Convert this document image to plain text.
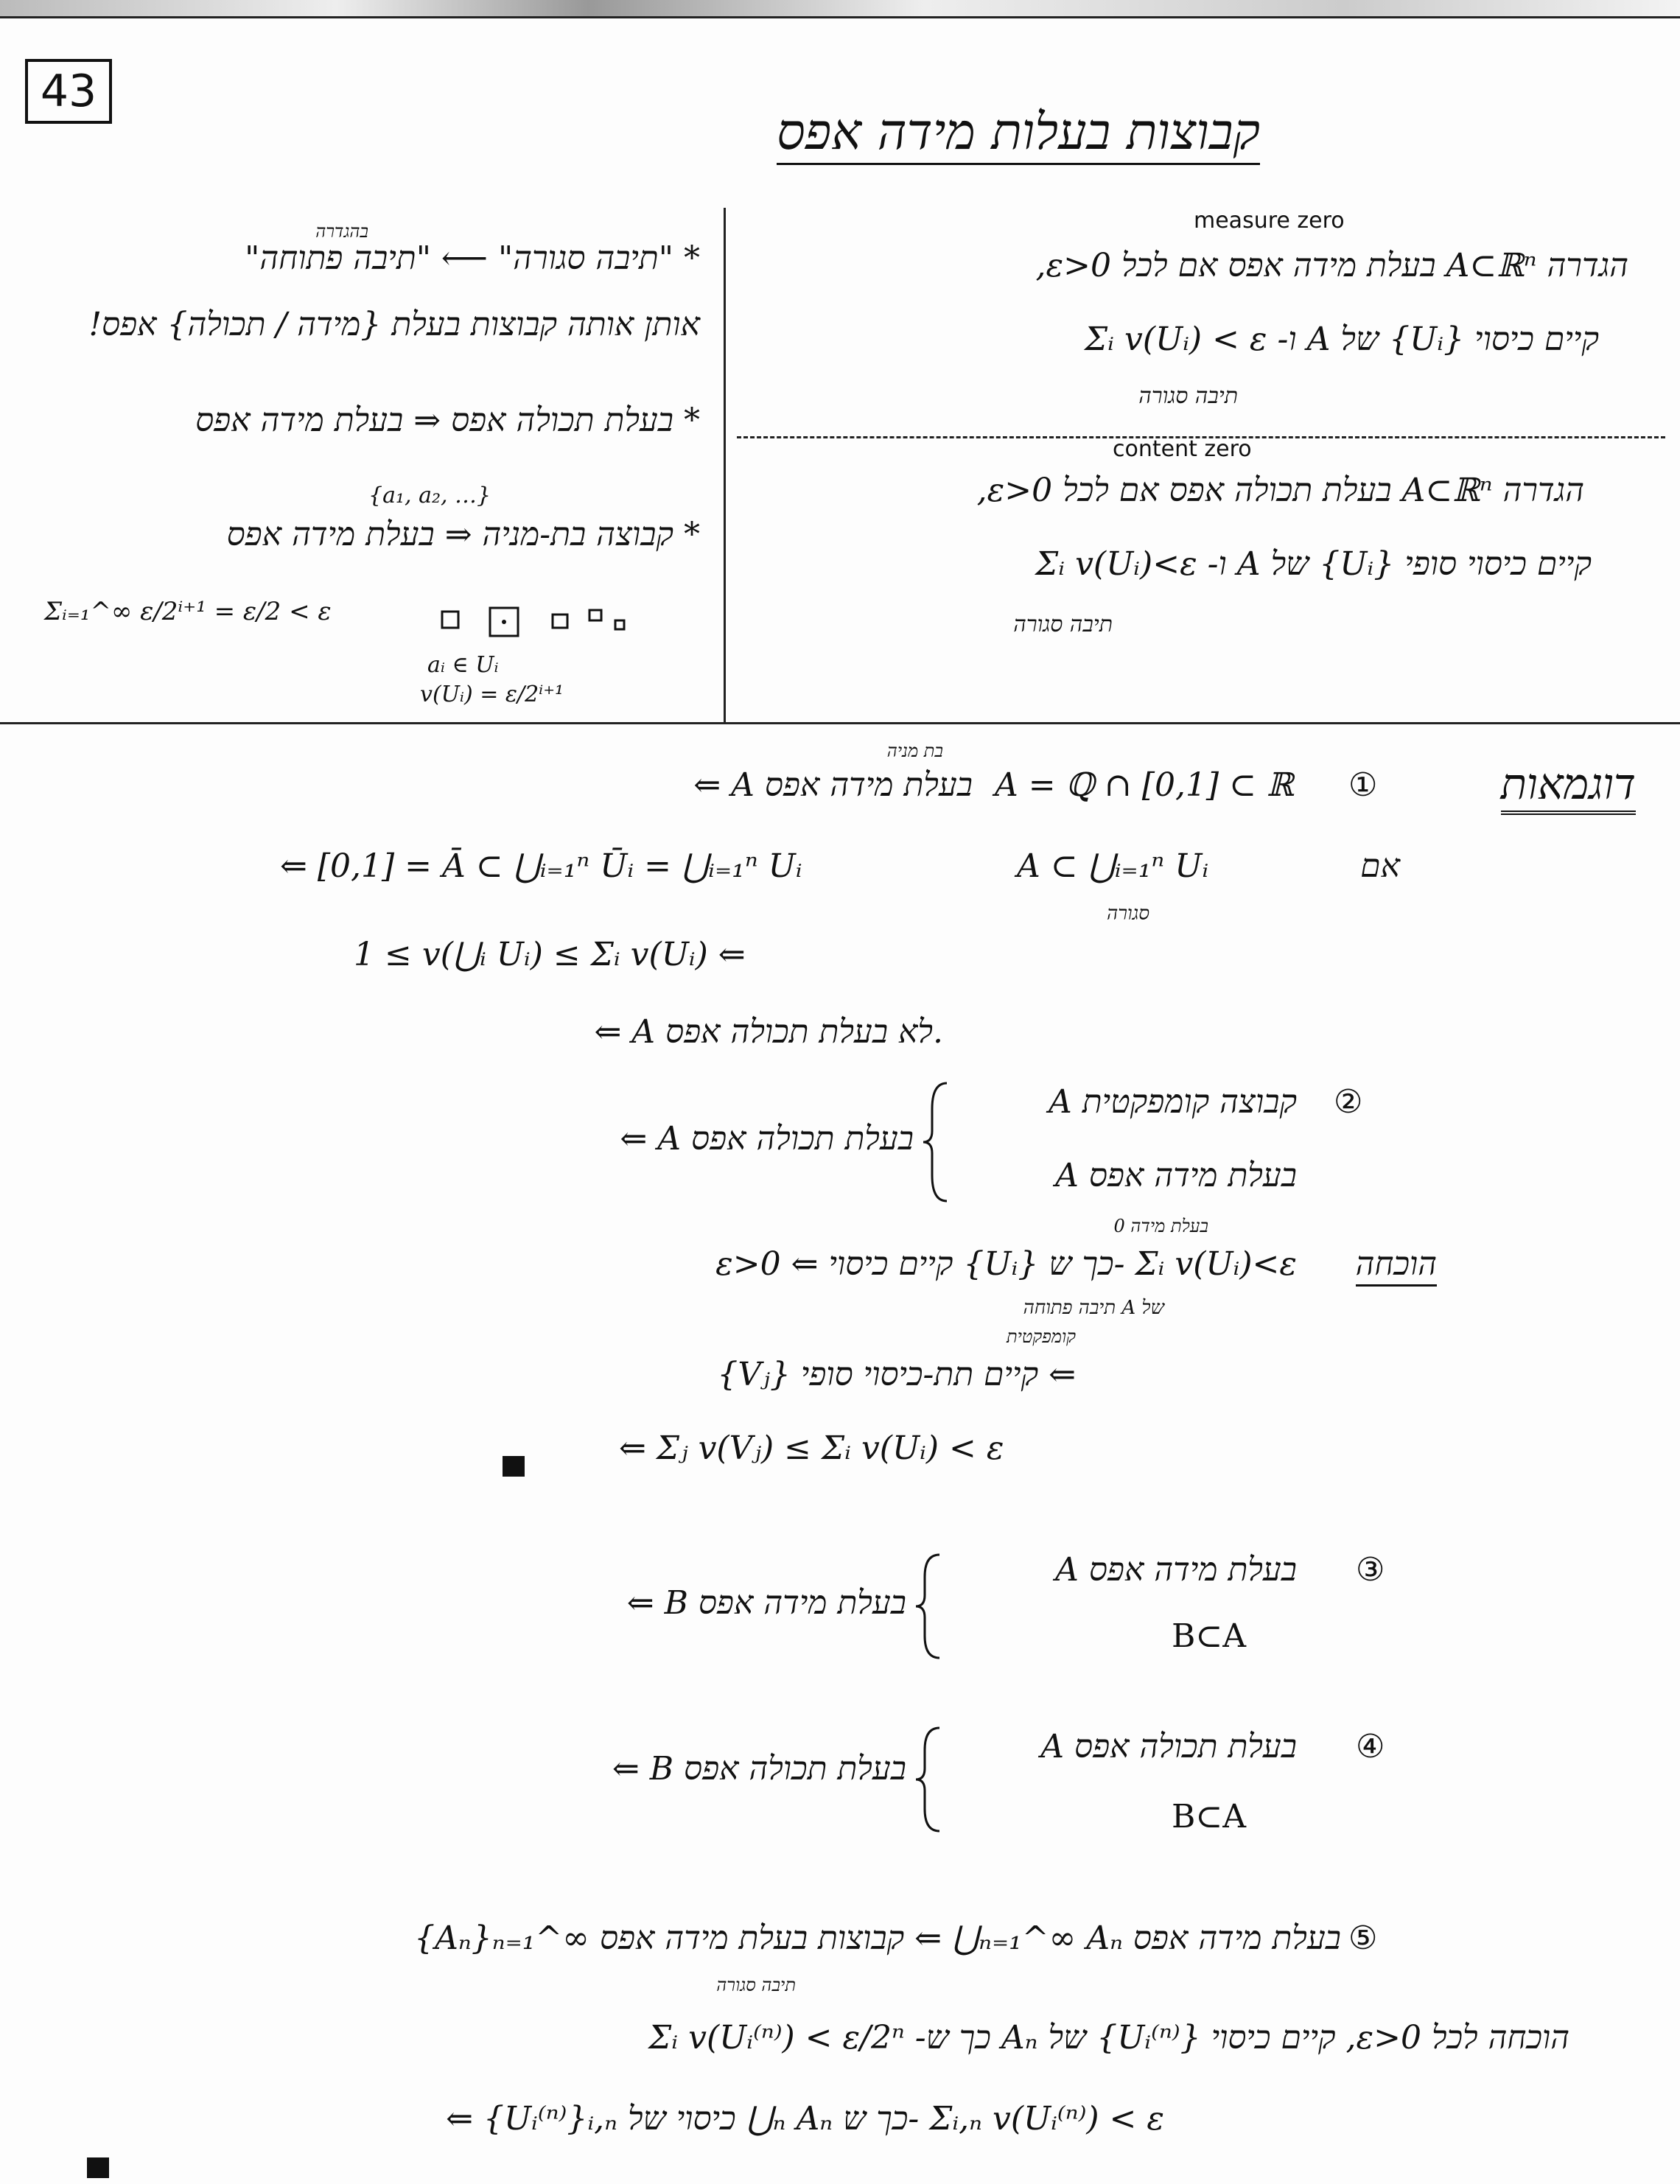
43
קבוצות בעלות מידה אפס
measure zero
הגדרה A⊂ℝⁿ בעלת מידה אפס אם לכל ε>0,
קיים כיסוי {Uᵢ} של A ו- Σᵢ v(Uᵢ) < ε
תיבה סגורה
content zero
הגדרה A⊂ℝⁿ בעלת תכולה אפס אם לכל ε>0,
קיים כיסוי סופי {Uᵢ} של A ו- Σᵢ v(Uᵢ)<ε
תיבה סגורה
בהגדרה
* "תיבה סגורה" ⟵ "תיבה פתוחה"
אותן אותה קבוצות בעלת {מידה / תכולה} אפס!
* בעלת תכולה אפס ⇒ בעלת מידה אפס
{a₁, a₂, …}
* קבוצה בת-מניה ⇒ בעלת מידה אפס
Σᵢ₌₁^∞ ε/2ⁱ⁺¹ = ε/2 < ε
aᵢ ∈ Uᵢ
v(Uᵢ) = ε/2ⁱ⁺¹
דוגמאות
①
A = ℚ ∩ [0,1] ⊂ ℝ
בת מניה
⇐ A בעלת מידה אפס
אם
A ⊂ ⋃ᵢ₌₁ⁿ Uᵢ
סגורה
⇐ [0,1] = Ā ⊂ ⋃ᵢ₌₁ⁿ Ūᵢ = ⋃ᵢ₌₁ⁿ Uᵢ
1 ≤ v(⋃ᵢ Uᵢ) ≤ Σᵢ v(Uᵢ) ⇐
⇐ A לא בעלת תכולה אפס.
②
A קבוצה קומפקטית
A בעלת מידה אפס
⇐ A בעלת תכולה אפס
הוכחה
ε>0 ⇐ קיים כיסוי {Uᵢ} כך ש- Σᵢ v(Uᵢ)<ε
בעלת מידה 0
של A תיבה פתוחה
קומפקטית
⇐ קיים תת-כיסוי סופי {Vⱼ}
⇐ Σⱼ v(Vⱼ) ≤ Σᵢ v(Uᵢ) < ε
③
A בעלת מידה אפס
B⊂A
⇐ B בעלת מידה אפס
④
A בעלת תכולה אפס
B⊂A
⇐ B בעלת תכולה אפס
⑤
{Aₙ}ₙ₌₁^∞ קבוצות בעלת מידה אפס ⇐ ⋃ₙ₌₁^∞ Aₙ בעלת מידה אפס
תיבה סגורה
הוכחה לכל ε>0, קיים כיסוי {Uᵢ⁽ⁿ⁾} של Aₙ כך ש- Σᵢ v(Uᵢ⁽ⁿ⁾) < ε/2ⁿ
⇐ {Uᵢ⁽ⁿ⁾}ᵢ,ₙ כיסוי של ⋃ₙ Aₙ כך ש- Σᵢ,ₙ v(Uᵢ⁽ⁿ⁾) < ε
